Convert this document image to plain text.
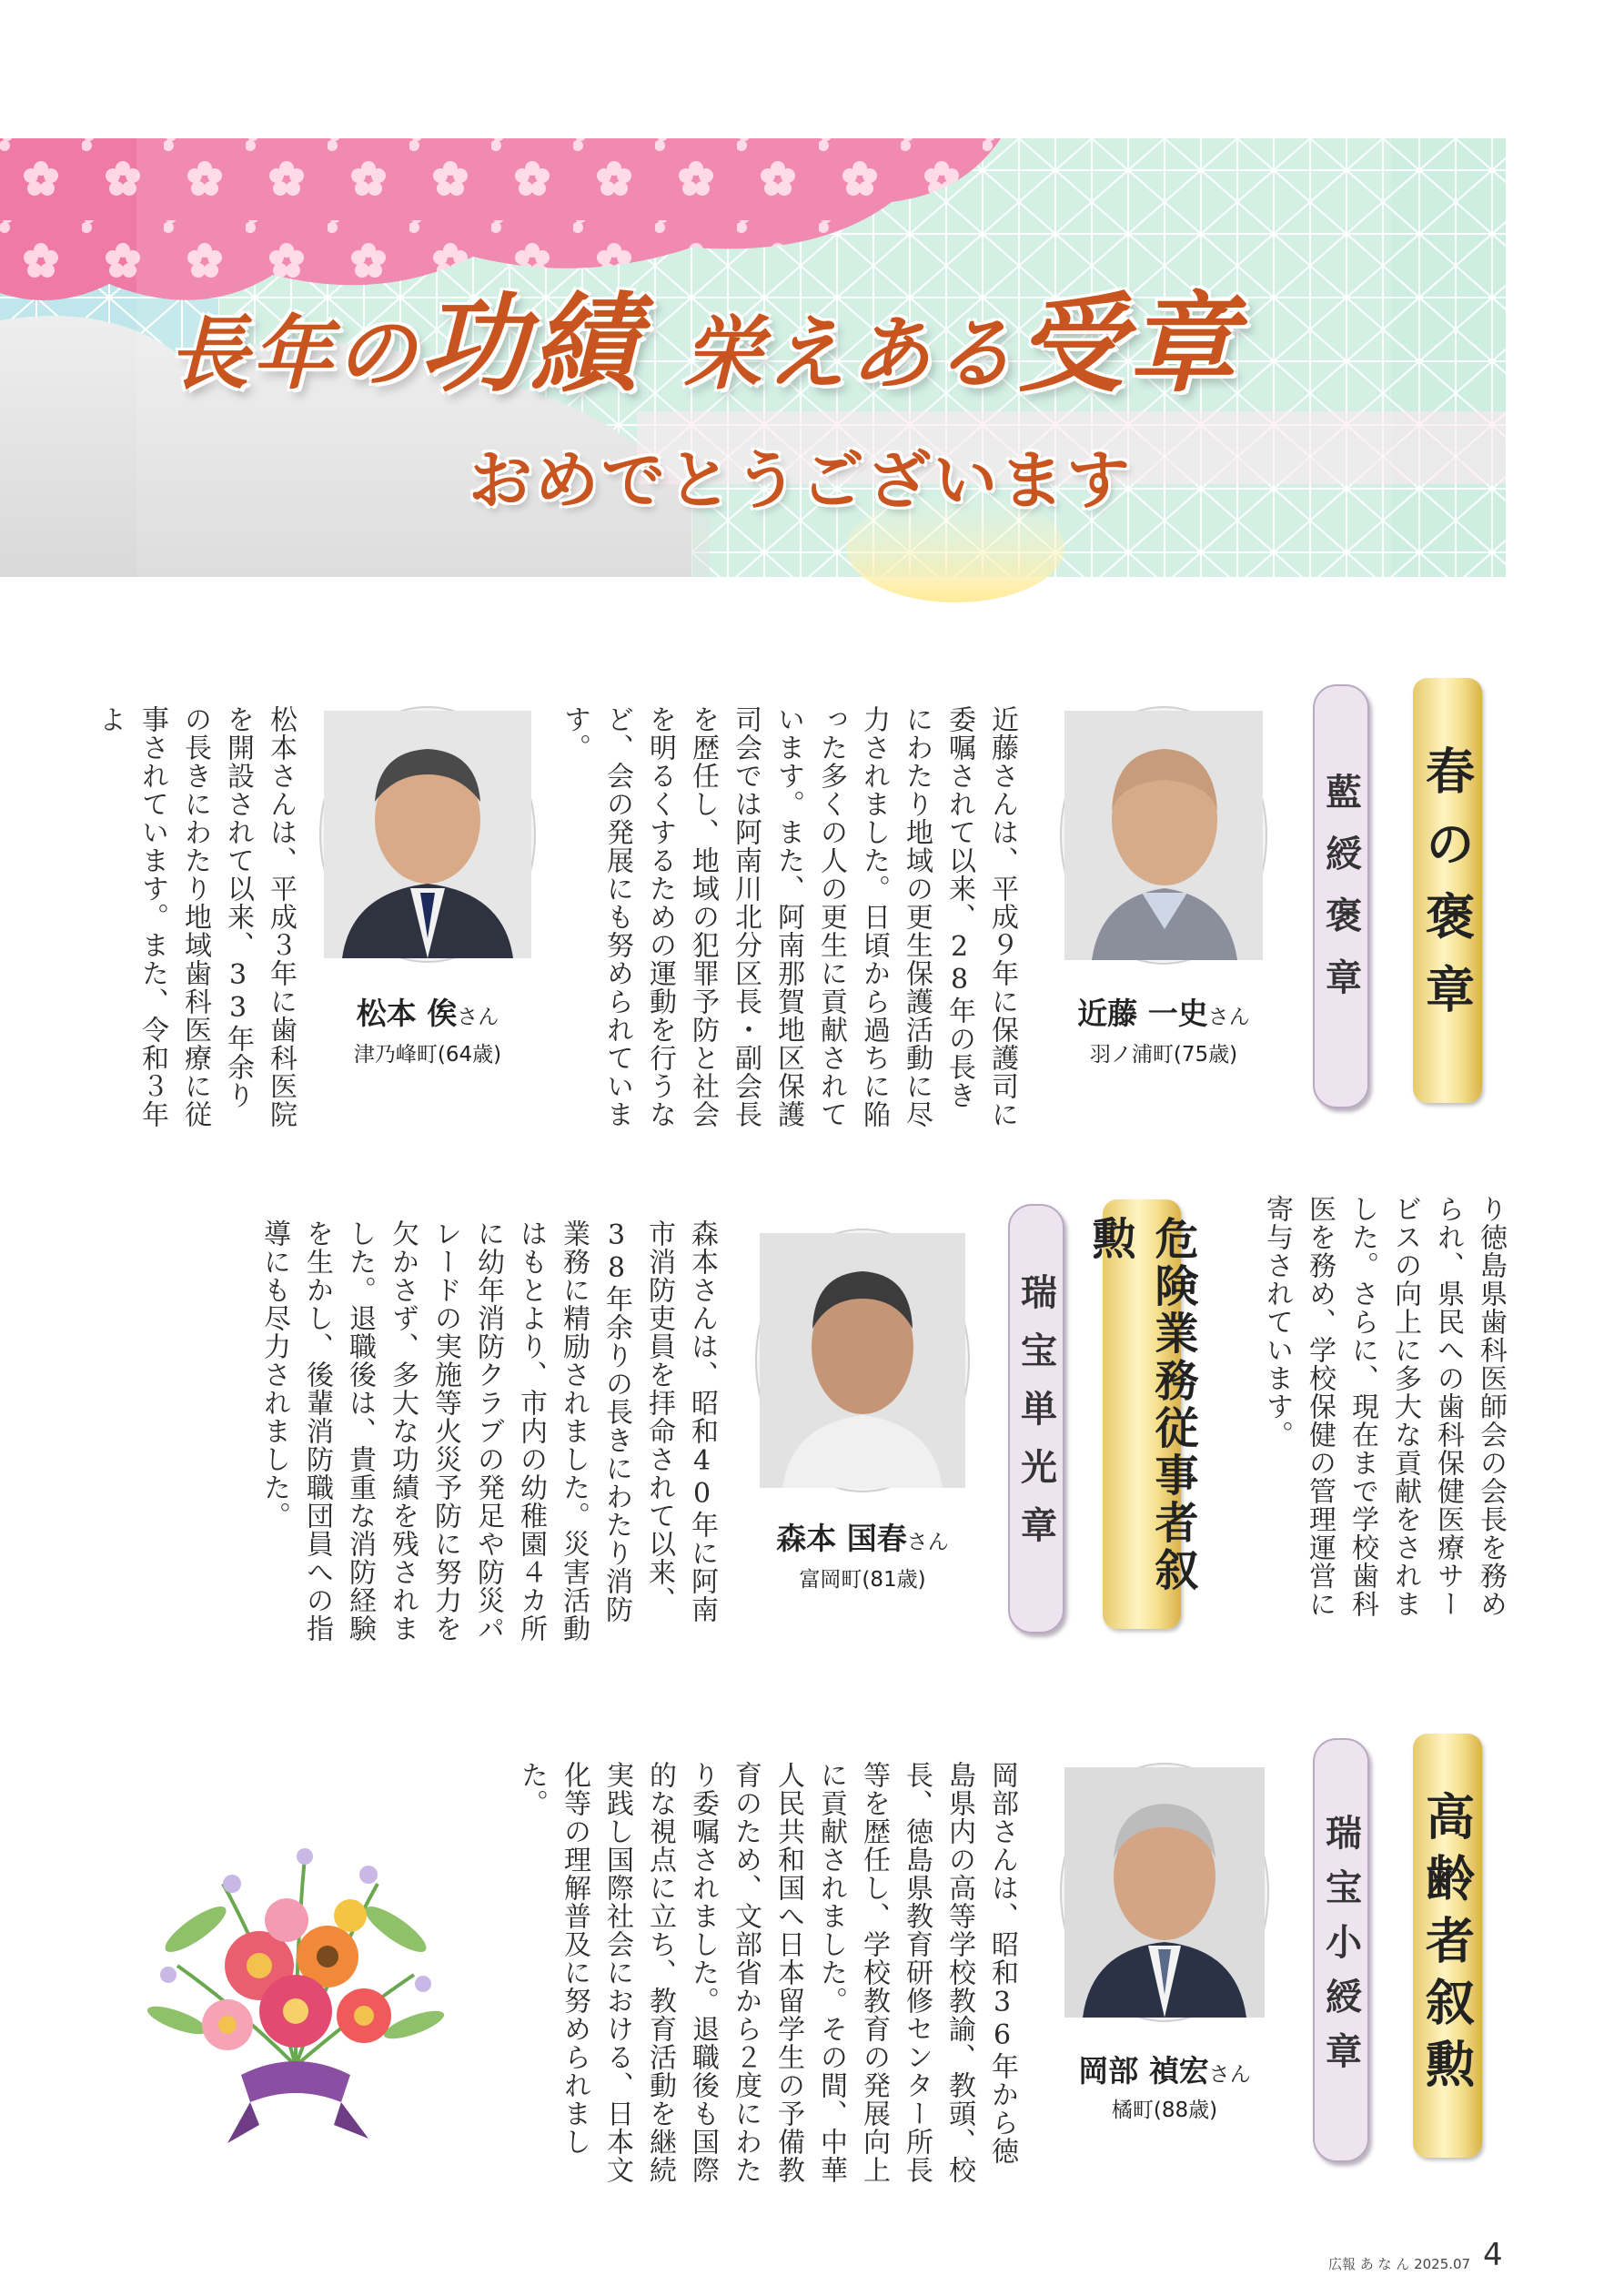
長年の功績 栄えある受章
おめでとうございます
春の褒章
藍綬褒章
近藤 一史さん
羽ノ浦町(75歳)
近藤さんは、平成９年に保護司に委嘱されて以来、28年の長きにわたり地域の更生保護活動に尽力されました。日頃から過ちに陥った多くの人の更生に貢献されています。また、阿南那賀地区保護司会では阿南川北分区長・副会長を歴任し、地域の犯罪予防と社会を明るくするための運動を行うなど、会の発展にも努められています。
松本 俟さん
津乃峰町(64歳)
松本さんは、平成３年に歯科医院を開設されて以来、33年余りの長きにわたり地域歯科医療に従事されています。また、令和３年よ
り徳島県歯科医師会の会長を務められ、県民への歯科保健医療サービスの向上に多大な貢献をされました。さらに、現在まで学校歯科医を務め、学校保健の管理運営に寄与されています。
危険業務従事者叙勲
瑞宝単光章
森本 国春さん
富岡町(81歳)
森本さんは、昭和40年に阿南市消防吏員を拝命されて以来、38年余りの長きにわたり消防業務に精励されました。災害活動はもとより、市内の幼稚園４カ所に幼年消防クラブの発足や防災パレードの実施等火災予防に努力を欠かさず、多大な功績を残されました。退職後は、貴重な消防経験を生かし、後輩消防職団員への指導にも尽力されました。
高齢者叙勲
瑞宝小綬章
岡部 禎宏さん
橘町(88歳)
岡部さんは、昭和36年から徳島県内の高等学校教諭、教頭、校長、徳島県教育研修センター所長等を歴任し、学校教育の発展向上に貢献されました。その間、中華人民共和国へ日本留学生の予備教育のため、文部省から２度にわたり委嘱されました。退職後も国際的な視点に立ち、教育活動を継続実践し国際社会における、日本文化等の理解普及に努められました。
広報 あ な ん 2025.07 4
